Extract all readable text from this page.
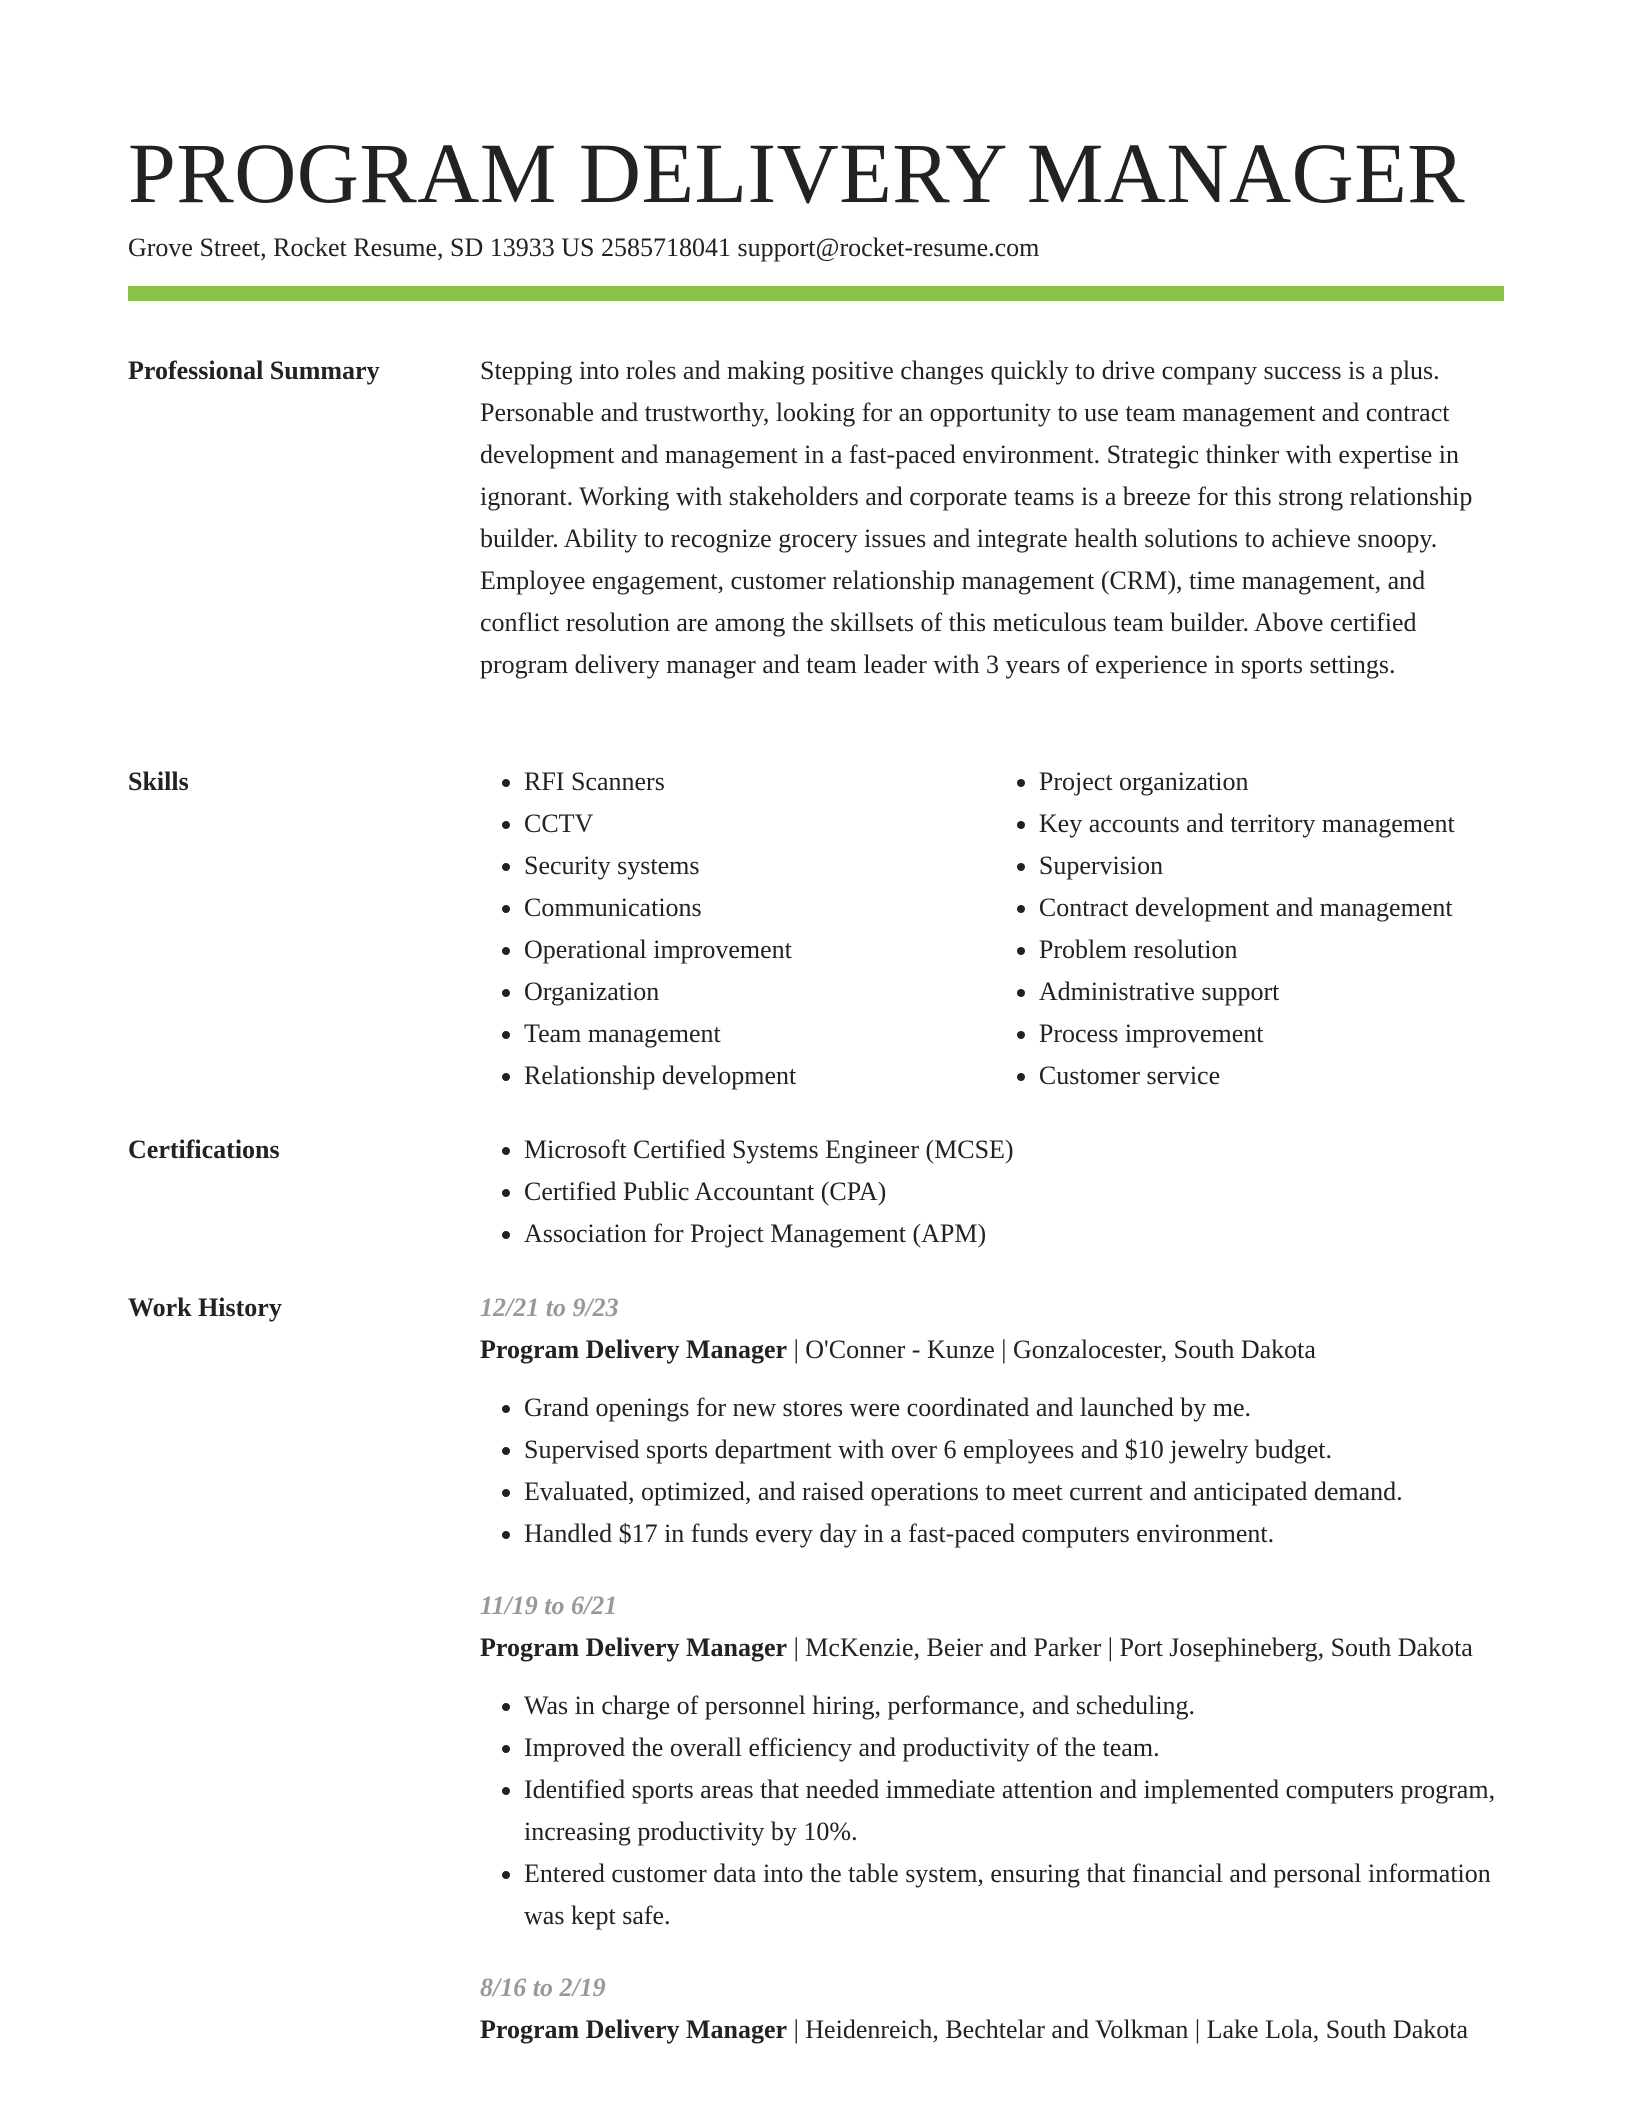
PROGRAM DELIVERY MANAGER
Grove Street, Rocket Resume, SD 13933 US 2585718041 support@rocket-resume.com
Professional Summary	Stepping into roles and making positive changes quickly to drive company success is a plus. Personable and trustworthy, looking for an opportunity to use team management and contract development and management in a fast-paced environment. Strategic thinker with expertise in ignorant. Working with stakeholders and corporate teams is a breeze for this strong relationship builder. Ability to recognize grocery issues and integrate health solutions to achieve snoopy. Employee engagement, customer relationship management (CRM), time management, and conflict resolution are among the skillsets of this meticulous team builder. Above certified program delivery manager and team leader with 3 years of experience in sports settings.

Skills	• RFI Scanners
• CCTV
• Security systems
• Communications
• Operational improvement
• Organization
• Team management
• Relationship development
• Project organization
• Key accounts and territory management
• Supervision
• Contract development and management
• Problem resolution
• Administrative support
• Process improvement
• Customer service
Certifications	• Microsoft Certified Systems Engineer (MCSE)
• Certified Public Accountant (CPA)
• Association for Project Management (APM)
Work History	12/21 to 9/23

Program Delivery Manager | O'Conner - Kunze | Gonzalocester, South Dakota

• Grand openings for new stores were coordinated and launched by me.
• Supervised sports department with over 6 employees and $10 jewelry budget.
• Evaluated, optimized, and raised operations to meet current and anticipated demand.
• Handled $17 in funds every day in a fast-paced computers environment.

11/19 to 6/21

Program Delivery Manager | McKenzie, Beier and Parker | Port Josephineberg, South Dakota

• Was in charge of personnel hiring, performance, and scheduling.
• Improved the overall efficiency and productivity of the team.
• Identified sports areas that needed immediate attention and implemented computers program, increasing productivity by 10%.
• Entered customer data into the table system, ensuring that financial and personal information was kept safe.

8/16 to 2/19

Program Delivery Manager | Heidenreich, Bechtelar and Volkman | Lake Lola, South Dakota
